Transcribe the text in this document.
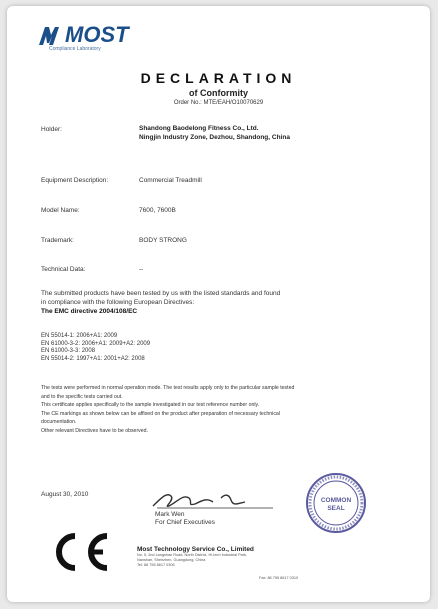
MOST
Compliance Laboratory
DECLARATION
of Conformity
Order No.: MTE/EAH/O10070629
Holder:	Shandong Baodelong Fitness Co., Ltd.
Ningjin Industry Zone, Dezhou, Shandong, China
Equipment Description:	Commercial Treadmill
Model Name:	7600, 7600B
Trademark:	BODY STRONG
Technical Data:	--
The submitted products have been tested by us with the listed standards and found
in compliance with the following European Directives:
The EMC directive 2004/108/EC
EN 55014-1: 2006+A1: 2009
EN 61000-3-2: 2006+A1: 2009+A2: 2009
EN 61000-3-3: 2008
EN 55014-2: 1997+A1: 2001+A2: 2008
The tests were performed in normal operation mode. The test results apply only to the particular sample tested
and to the specific tests carried out.
This certificate applies specifically to the sample investigated in our test reference number only.
The CE markings as shown below can be affixed on the product after preparation of necessary technical
documentation.
Other relevant Directives have to be observed.
August 30, 2010
Mark Wen
For Chief Executives
COMMON
SEAL
Most Technology Service Co., Limited
No. 5, 2nd Langshan Road, North District, Hi-tech Industrial Park,
Nanshan, Shenzhen, Guangdong, China
Tel: 86 755 8617 0306
Fax: 86 755 8617 0310
